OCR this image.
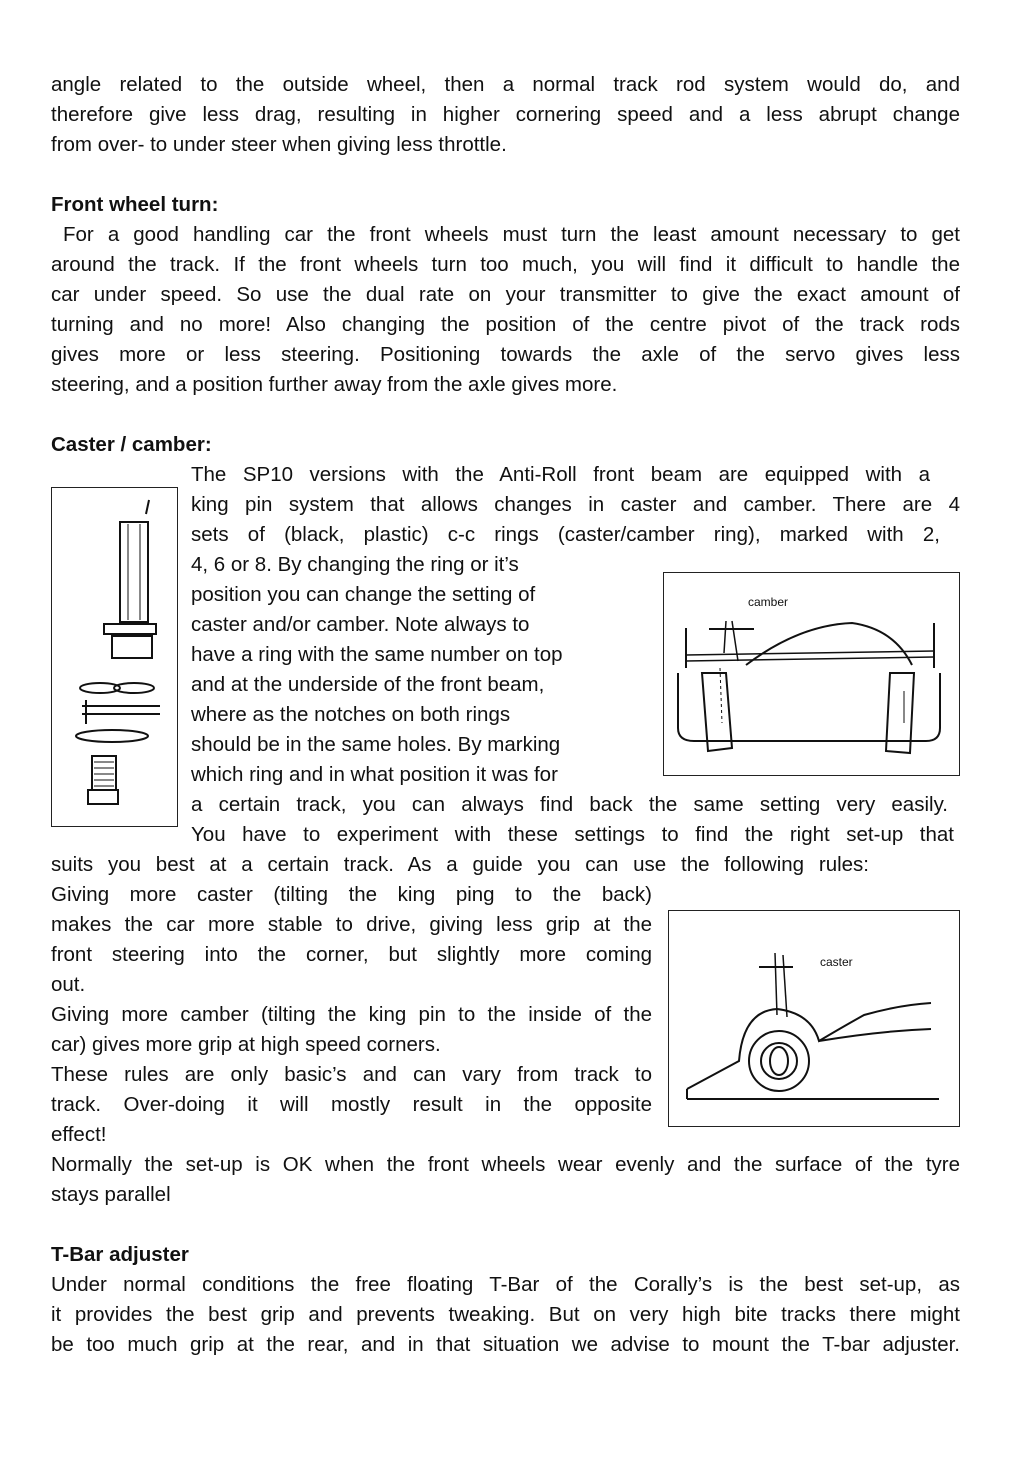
angle related to the outside wheel, then a normal track rod system would do, and
therefore give less drag, resulting in higher cornering speed and a less abrupt change
from over- to under steer when giving less throttle.
Front wheel turn:
For a good handling car the front wheels must turn the least amount necessary to get
around the track. If the front wheels turn too much, you will find it difficult to handle the
car under speed. So use the dual rate on your transmitter to give the exact amount of
turning and no more! Also changing the position of the centre pivot of the track rods
gives more or less steering. Positioning towards the axle of the servo gives less
steering, and a position further away from the axle gives more.
Caster / camber:
The SP10 versions with the Anti-Roll front beam are equipped with a
king pin system that allows changes in caster and camber. There are 4
sets of (black, plastic) c-c rings (caster/camber ring), marked with 2,
4, 6 or 8. By changing the ring or it’s
position you can change the setting of
caster and/or camber. Note always to
have a ring with the same number on top
and at the underside of the front beam,
where as the notches on both rings
should be in the same holes. By marking
which ring and in what position it was for
a certain track, you can always find back the same setting very easily.
You have to experiment with these settings to find the right set-up that
suits you best at a certain track. As a guide you can use the following rules:
Giving more caster (tilting the king ping to the back)
makes the car more stable to drive, giving less grip at the
front steering into the corner, but slightly more coming
out.
Giving more camber (tilting the king pin to the inside of the
car) gives more grip at high speed corners.
These rules are only basic’s and can vary from track to
track. Over-doing it will mostly result in the opposite
effect!
Normally the set-up is OK when the front wheels wear evenly and the surface of the tyre
stays parallel
camber
caster
T-Bar adjuster
Under normal conditions the free floating T-Bar of the Corally’s is the best set-up, as
it provides the best grip and prevents tweaking. But on very high bite tracks there might
be too much grip at the rear, and in that situation we advise to mount the T-bar adjuster.
